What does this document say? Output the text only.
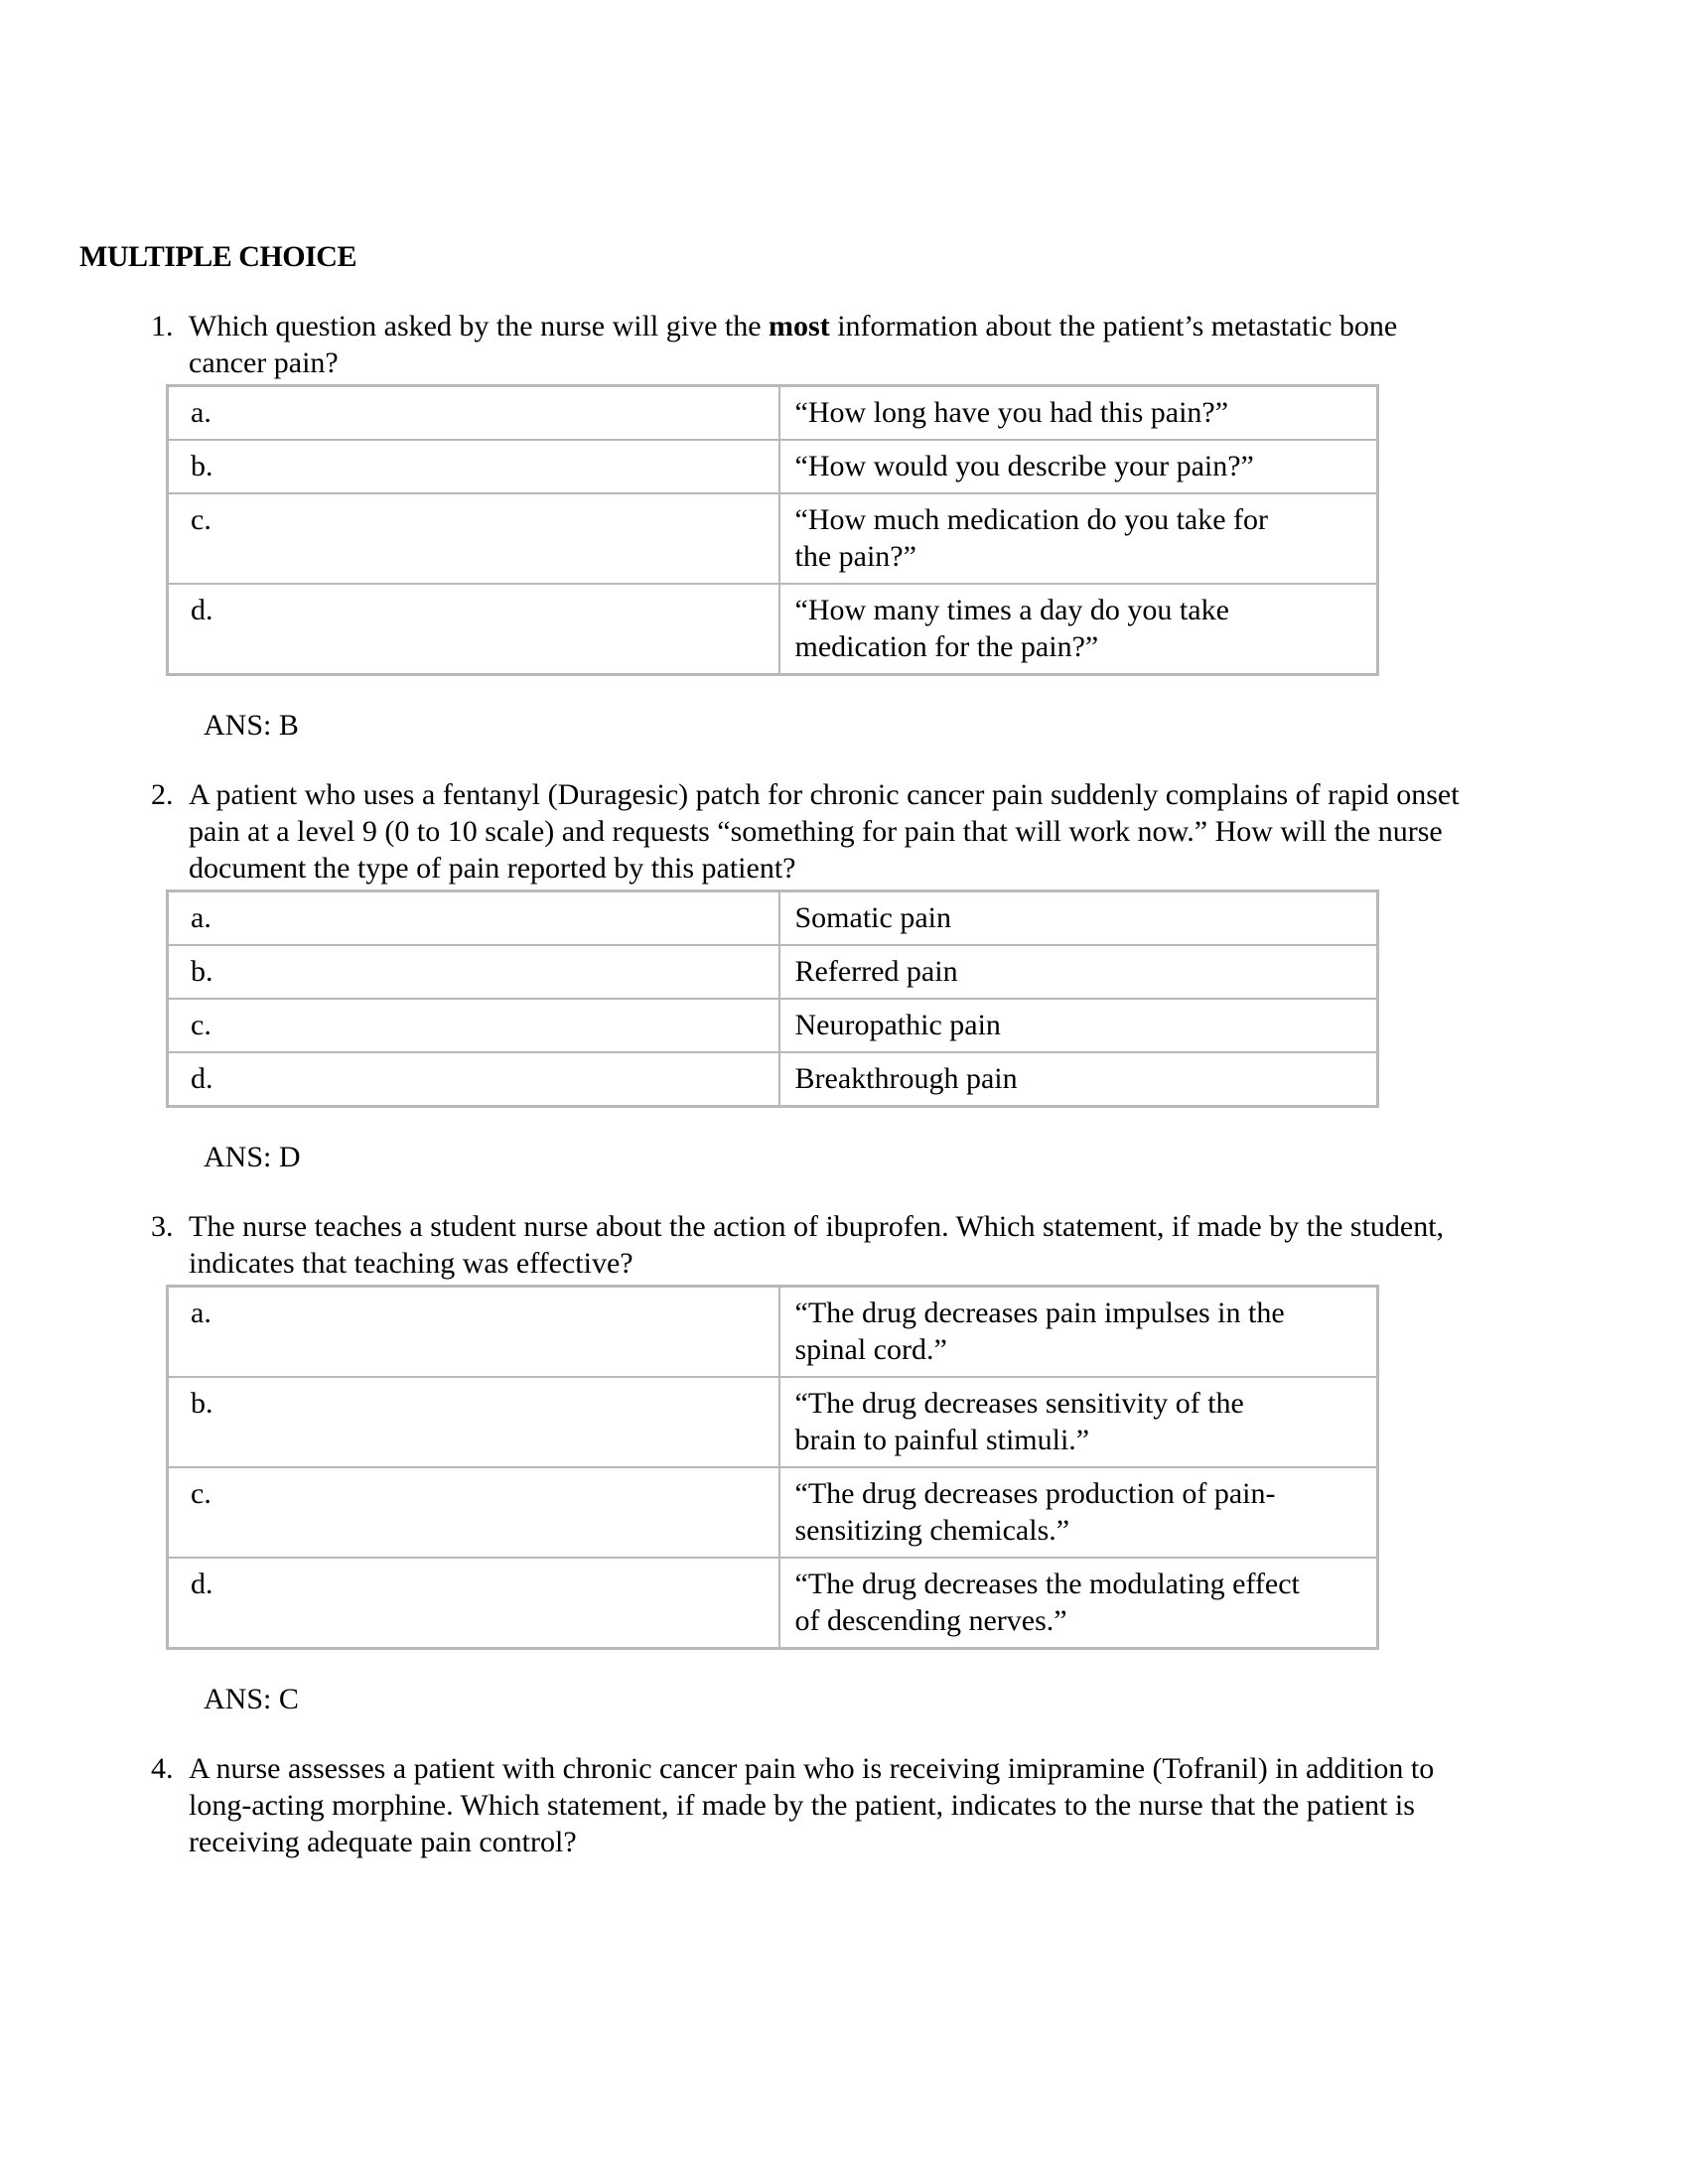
MULTIPLE CHOICE
1. Which question asked by the nurse will give the most information about the patient’s metastatic bone cancer pain?
a.	“How long have you had this pain?”
b.	“How would you describe your pain?”
c.	“How much medication do you take for the pain?”
d.	“How many times a day do you take medication for the pain?”
ANS: B
2. A patient who uses a fentanyl (Duragesic) patch for chronic cancer pain suddenly complains of rapid onset pain at a level 9 (0 to 10 scale) and requests “something for pain that will work now.” How will the nurse document the type of pain reported by this patient?
a.	Somatic pain
b.	Referred pain
c.	Neuropathic pain
d.	Breakthrough pain
ANS: D
3. The nurse teaches a student nurse about the action of ibuprofen. Which statement, if made by the student, indicates that teaching was effective?
a.	“The drug decreases pain impulses in the spinal cord.”
b.	“The drug decreases sensitivity of the brain to painful stimuli.”
c.	“The drug decreases production of pain-sensitizing chemicals.”
d.	“The drug decreases the modulating effect of descending nerves.”
ANS: C
4. A nurse assesses a patient with chronic cancer pain who is receiving imipramine (Tofranil) in addition to long-acting morphine. Which statement, if made by the patient, indicates to the nurse that the patient is receiving adequate pain control?
